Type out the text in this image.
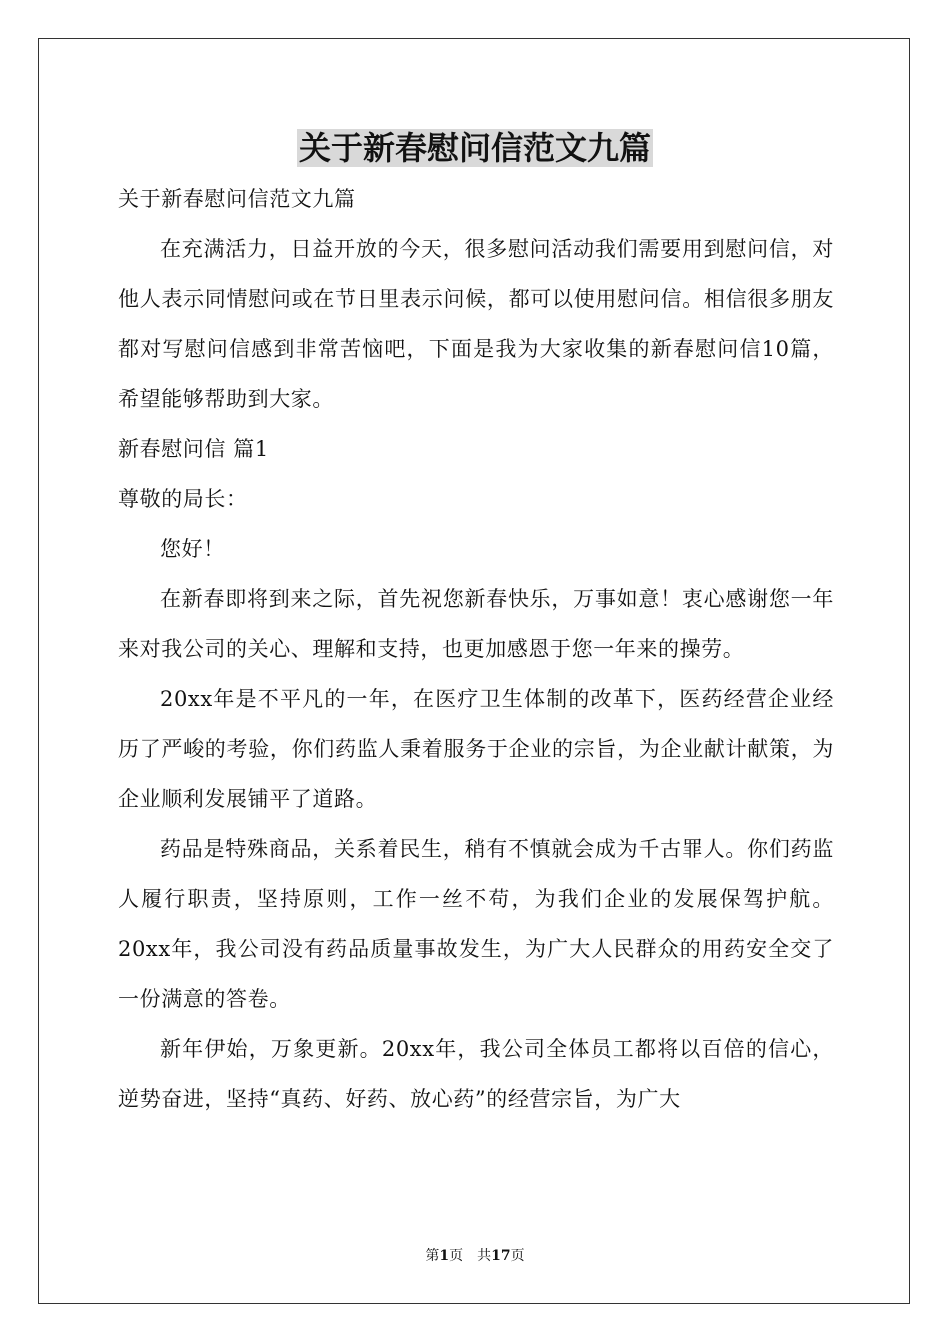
关于新春慰问信范文九篇

关于新春慰问信范文九篇

在充满活力，日益开放的今天，很多慰问活动我们需要用到慰问信，对他人表示同情慰问或在节日里表示问候，都可以使用慰问信。相信很多朋友都对写慰问信感到非常苦恼吧，下面是我为大家收集的新春慰问信10篇，希望能够帮助到大家。

新春慰问信 篇1

尊敬的局长：

您好！

在新春即将到来之际，首先祝您新春快乐，万事如意！衷心感谢您一年来对我公司的关心、理解和支持，也更加感恩于您一年来的操劳。

20xx年是不平凡的一年，在医疗卫生体制的改革下，医药经营企业经历了严峻的考验，你们药监人秉着服务于企业的宗旨，为企业献计献策，为企业顺利发展铺平了道路。

药品是特殊商品，关系着民生，稍有不慎就会成为千古罪人。你们药监人履行职责，坚持原则，工作一丝不苟，为我们企业的发展保驾护航。20xx年，我公司没有药品质量事故发生，为广大人民群众的用药安全交了一份满意的答卷。

新年伊始，万象更新。20xx年，我公司全体员工都将以百倍的信心，逆势奋进，坚持“真药、好药、放心药”的经营宗旨，为广大

第1页 共17页
